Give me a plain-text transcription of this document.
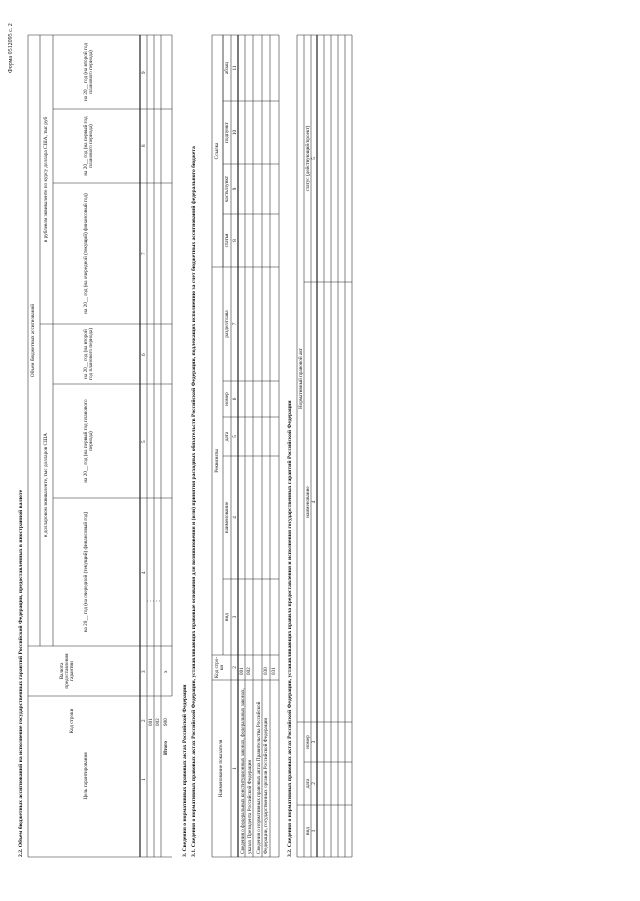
Форма 0512095 с. 2
2.2. Объем бюджетных ассигнований на исполнение государственных гарантий Российской Федерации, предоставленных в иностранной валюте	Цель гарантирования
Код строки
Валюта предоставления гарантии
Объем бюджетных ассигнований
в долларовом эквиваленте, тыс долларов США
в рублевом эквиваленте по курсу доллара США, тыс руб
на 20__ год (на очередной (текущий) финансовый год)
на 20__ год (на первый год планового периода)
на 20__ год (на второй год планового периода)
на 20__ год (на очередной (текущий) финансовый год)
на 20__ год (на первый год планового периода)
на 20__ год (на второй год планового периода)
1
2
3
4
5
6
7
8
9
001 002
Итого
900
x
3. Сведения о нормативных правовых актах Российской Федерации 3.1. Сведения о нормативных правовых актах Российской Федерации, устанавливающих правовые основания для возникновения и (или) принятия расходных обязательств Российской Федерации, подлежащих исполнению за счет бюджетных ассигнований федерального бюджета	Наименование показателя
Код стро-ки
Реквизиты
Ссылка
вид
наименование
дата
номер
раздел/глава
статья
часть/пункт
подпункт
абзац
1
2
3
4
5
6
7
8
9
10
11
Сведения о федеральных конституционных законах, федеральных законах, указах Президента Российской Федерации
001 002
Сведения о нормативных правовых актах Правительства Российской Федерации, государственных органов Российской Федерации
030 031 3.2. Сведения о нормативных правовых актах Российской Федерации, устанавливающих правила предоставления и исполнения государственных гарантий Российской Федерации
Нормативный правовой акт
вид
дата
номер
наименование
статус (действующий/проект)
1
2
3
4
5
